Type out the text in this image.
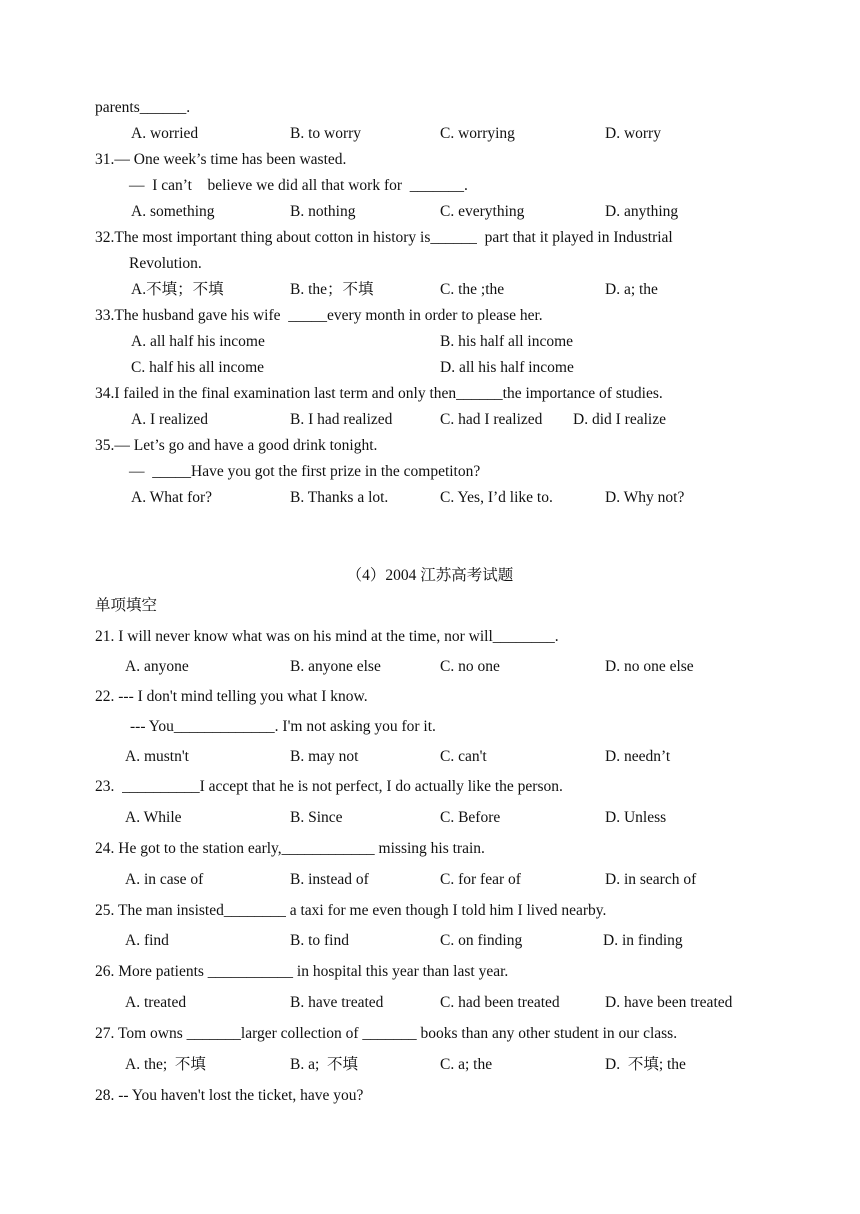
parents______.
A. worried	B. to worry	C. worrying	D. worry
31.— One week’s time has been wasted.
—  I can’t    believe we did all that work for  _______.
A. something	B. nothing	C. everything	D. anything
32.The most important thing about cotton in history is______  part that it played in Industrial
Revolution.
A.不填；不填	B. the；不填	C. the ;the	D. a; the
33.The husband gave his wife  _____every month in order to please her.
A. all half his income	B. his half all income
C. half his all income	D. all his half income
34.I failed in the final examination last term and only then______the importance of studies.
A. I realized	B. I had realized	C. had I realized D. did I realize
35.— Let’s go and have a good drink tonight.
—  _____Have you got the first prize in the competiton?
A. What for?	B. Thanks a lot.	C. Yes, I’d like to.	D. Why not?
（4）2004 江苏高考试题
单项填空
21. I will never know what was on his mind at the time, nor will________.
A. anyone	B. anyone else	C. no one	D. no one else
22. --- I don't mind telling you what I know.
--- You_____________. I'm not asking you for it.
A. mustn't	B. may not	C. can't	D. needn’t
23.  __________I accept that he is not perfect, I do actually like the person.
A. While	B. Since	C. Before	D. Unless
24. He got to the station early,____________ missing his train.
A. in case of	B. instead of	C. for fear of	D. in search of
25. The man insisted________ a taxi for me even though I told him I lived nearby.
A. find	B. to find	C. on finding	D. in finding
26. More patients ___________ in hospital this year than last year.
A. treated	B. have treated	C. had been treated	D. have been treated
27. Tom owns _______larger collection of _______ books than any other student in our class.
A. the;  不填	B. a;  不填	C. a; the	D.  不填; the
28. -- You haven't lost the ticket, have you?
